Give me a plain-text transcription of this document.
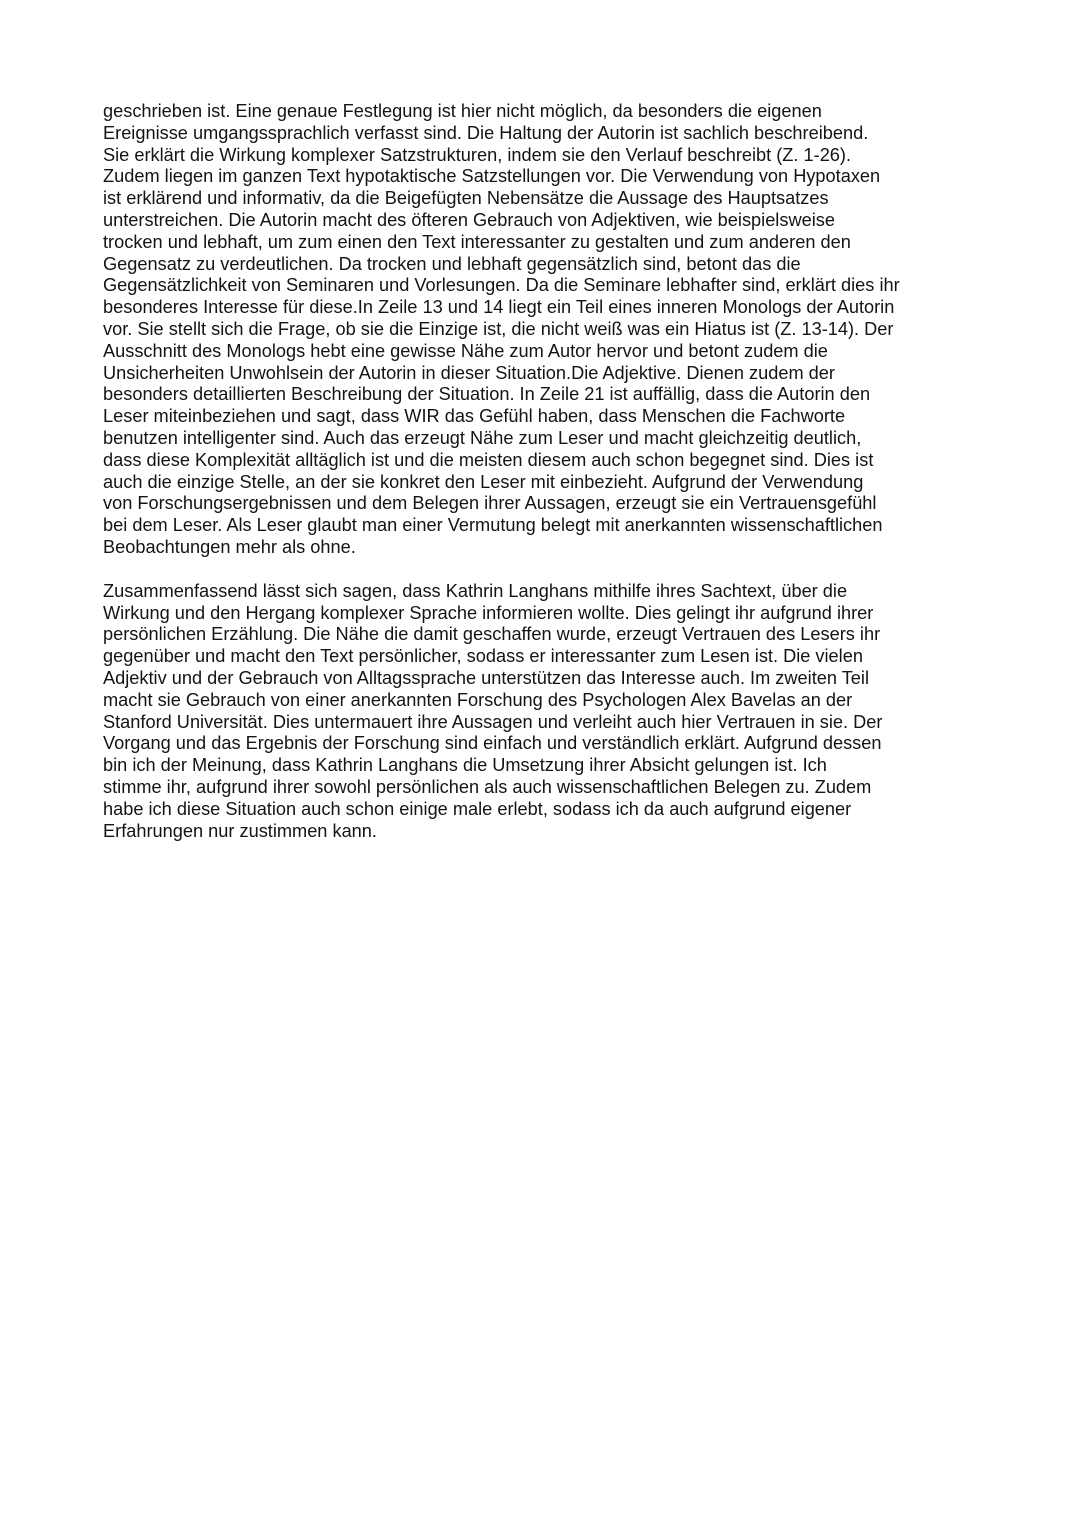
geschrieben ist. Eine genaue Festlegung ist hier nicht möglich, da besonders die eigenen
Ereignisse umgangssprachlich verfasst sind. Die Haltung der Autorin ist sachlich beschreibend.
Sie erklärt die Wirkung komplexer Satzstrukturen, indem sie den Verlauf beschreibt (Z. 1-26).
Zudem liegen im ganzen Text hypotaktische Satzstellungen vor. Die Verwendung von Hypotaxen
ist erklärend und informativ, da die Beigefügten Nebensätze die Aussage des Hauptsatzes
unterstreichen. Die Autorin macht des öfteren Gebrauch von Adjektiven, wie beispielsweise
trocken und lebhaft, um zum einen den Text interessanter zu gestalten und zum anderen den
Gegensatz zu verdeutlichen. Da trocken und lebhaft gegensätzlich sind, betont das die
Gegensätzlichkeit von Seminaren und Vorlesungen. Da die Seminare lebhafter sind, erklärt dies ihr
besonderes Interesse für diese.In Zeile 13 und 14 liegt ein Teil eines inneren Monologs der Autorin
vor. Sie stellt sich die Frage, ob sie die Einzige ist, die nicht weiß was ein Hiatus ist (Z. 13-14). Der
Ausschnitt des Monologs hebt eine gewisse Nähe zum Autor hervor und betont zudem die
Unsicherheiten Unwohlsein der Autorin in dieser Situation.Die Adjektive. Dienen zudem der
besonders detaillierten Beschreibung der Situation. In Zeile 21 ist auffällig, dass die Autorin den
Leser miteinbeziehen und sagt, dass WIR das Gefühl haben, dass Menschen die Fachworte
benutzen intelligenter sind. Auch das erzeugt Nähe zum Leser und macht gleichzeitig deutlich,
dass diese Komplexität alltäglich ist und die meisten diesem auch schon begegnet sind. Dies ist
auch die einzige Stelle, an der sie konkret den Leser mit einbezieht. Aufgrund der Verwendung
von Forschungsergebnissen und dem Belegen ihrer Aussagen, erzeugt sie ein Vertrauensgefühl
bei dem Leser. Als Leser glaubt man einer Vermutung belegt mit anerkannten wissenschaftlichen
Beobachtungen mehr als ohne.

Zusammenfassend lässt sich sagen, dass Kathrin Langhans mithilfe ihres Sachtext, über die
Wirkung und den Hergang komplexer Sprache informieren wollte. Dies gelingt ihr aufgrund ihrer
persönlichen Erzählung. Die Nähe die damit geschaffen wurde, erzeugt Vertrauen des Lesers ihr
gegenüber und macht den Text persönlicher, sodass er interessanter zum Lesen ist. Die vielen
Adjektiv und der Gebrauch von Alltagssprache unterstützen das Interesse auch. Im zweiten Teil
macht sie Gebrauch von einer anerkannten Forschung des Psychologen Alex Bavelas an der
Stanford Universität. Dies untermauert ihre Aussagen und verleiht auch hier Vertrauen in sie. Der
Vorgang und das Ergebnis der Forschung sind einfach und verständlich erklärt. Aufgrund dessen
bin ich der Meinung, dass Kathrin Langhans die Umsetzung ihrer Absicht gelungen ist. Ich
stimme ihr, aufgrund ihrer sowohl persönlichen als auch wissenschaftlichen Belegen zu. Zudem
habe ich diese Situation auch schon einige male erlebt, sodass ich da auch aufgrund eigener
Erfahrungen nur zustimmen kann.
